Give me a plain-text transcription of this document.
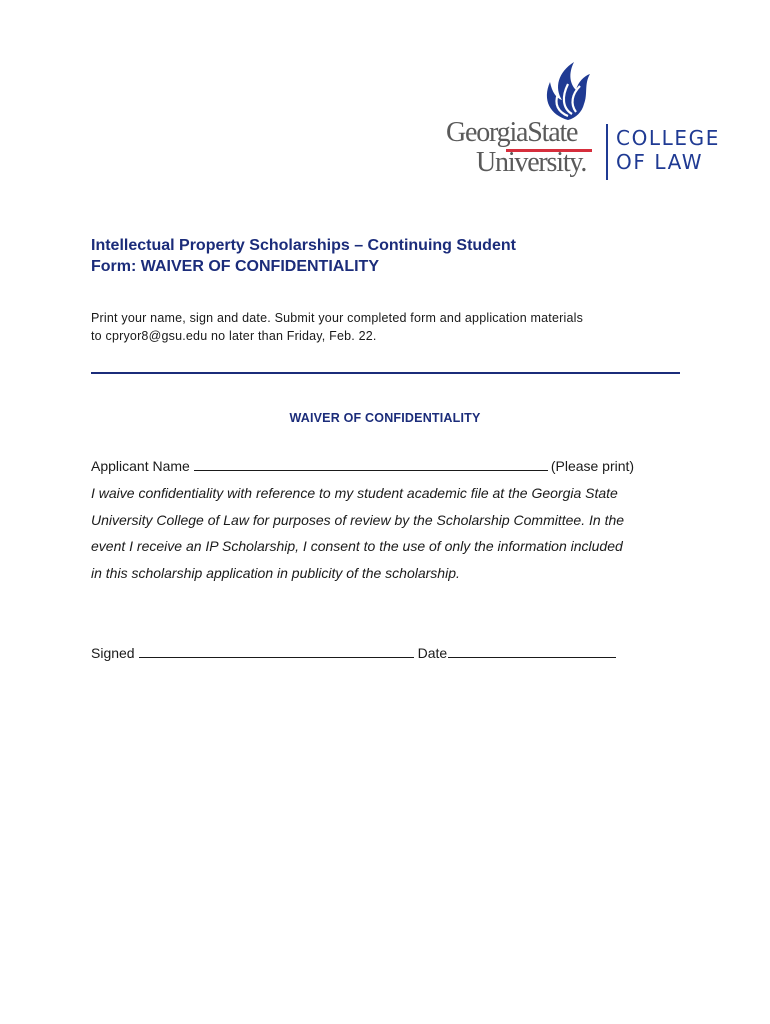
GeorgiaState
University.
COLLEGE
OF LAW
Intellectual Property Scholarships – Continuing Student
Form: WAIVER OF CONFIDENTIALITY
Print your name, sign and date. Submit your completed form and application materials
to cpryor8@gsu.edu no later than Friday, Feb. 22.
WAIVER OF CONFIDENTIALITY
Applicant Name	(Please print)
I waive confidentiality with reference to my student academic file at the Georgia State
University College of Law for purposes of review by the Scholarship Committee. In the
event I receive an IP Scholarship, I consent to the use of only the information included
in this scholarship application in publicity of the scholarship.
Signed	Date
